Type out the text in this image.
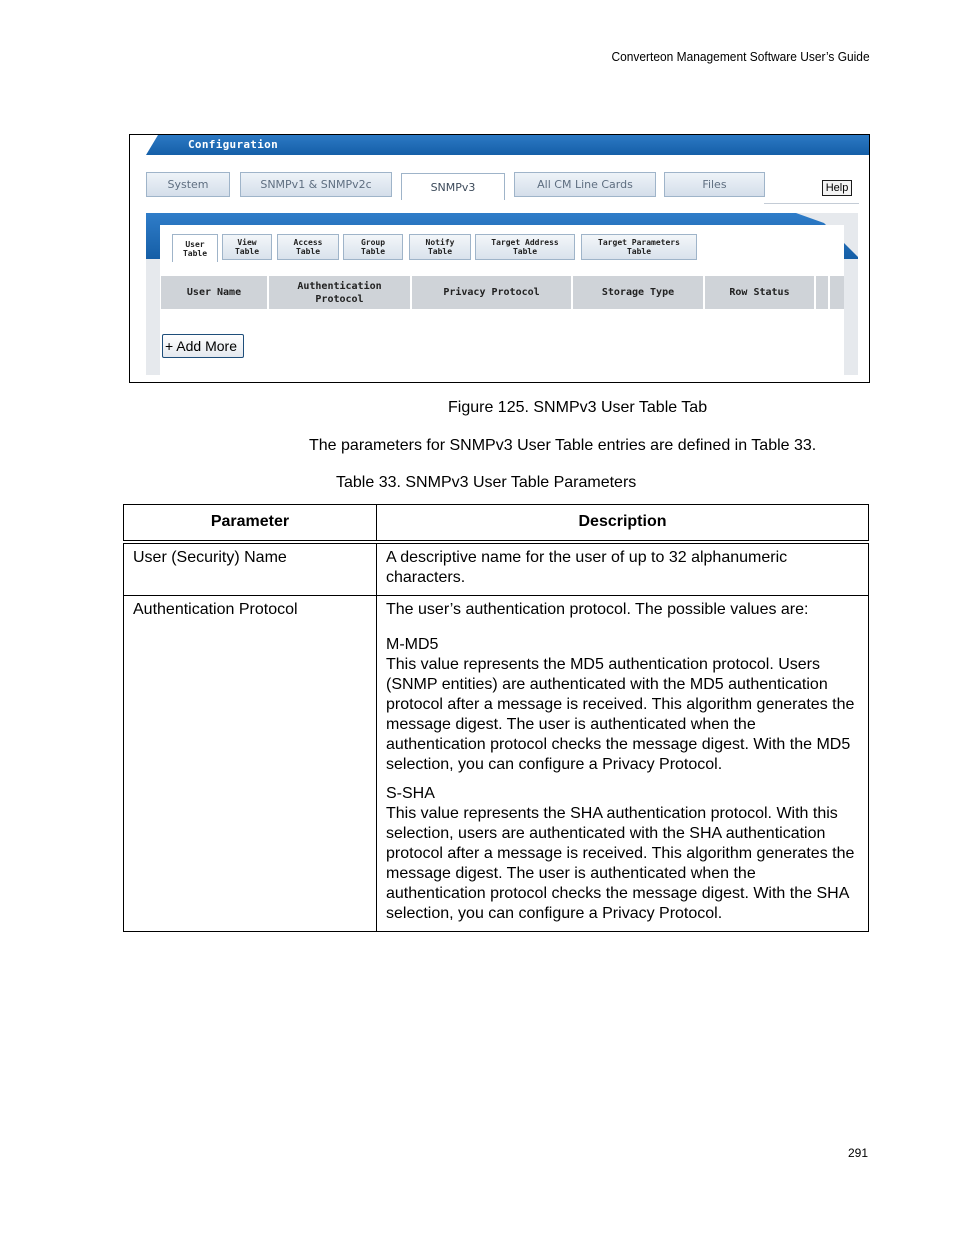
Converteon Management Software User’s Guide
Configuration
System	SNMPv1 & SNMPv2c	SNMPv3	All CM Line Cards	Files	Help
User
Table
View
Table
Access
Table
Group
Table
Notify
Table
Target Address
Table
Target Parameters
Table
User Name
Authentication
Protocol
Privacy Protocol	Storage Type	Row Status
+ Add More
Figure 125. SNMPv3 User Table Tab
The parameters for SNMPv3 User Table entries are defined in Table 33.
Table 33. SNMPv3 User Table Parameters
Parameter	Description
User (Security) Name	A descriptive name for the user of up to 32 alphanumeric characters.

Authentication Protocol	The user’s authentication protocol. The possible values are:

M-MD5

This value represents the MD5 authentication protocol. Users (SNMP entities) are authenticated with the MD5 authentication protocol after a message is received. This algorithm generates the message digest. The user is authenticated when the authentication protocol checks the message digest. With the MD5 selection, you can configure a Privacy Protocol.

S-SHA

This value represents the SHA authentication protocol. With this selection, users are authenticated with the SHA authentication protocol after a message is received. This algorithm generates the message digest. The user is authenticated when the authentication protocol checks the message digest. With the SHA selection, you can configure a Privacy Protocol.

291
